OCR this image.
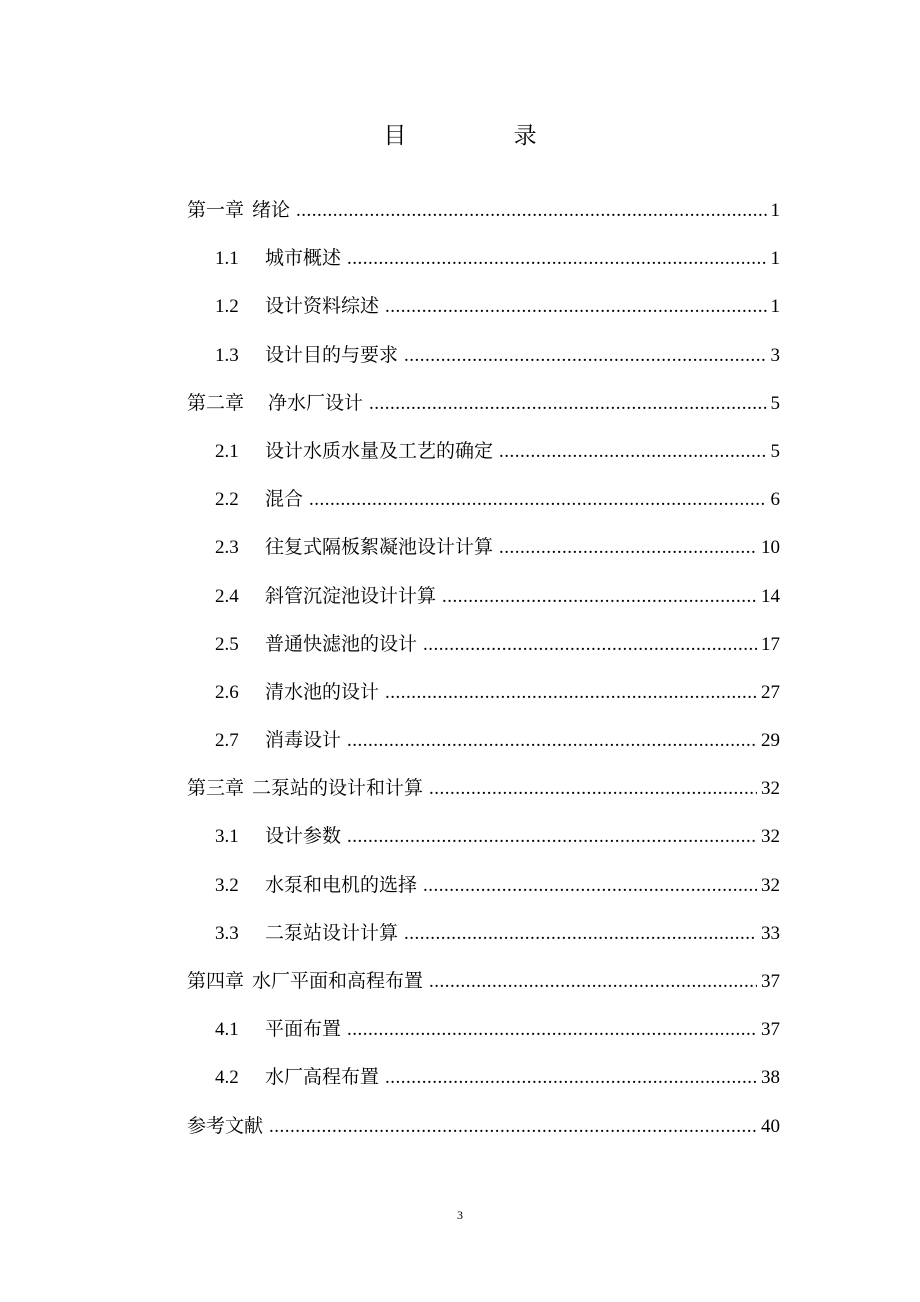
目 录
第一章 绪论 .....	1
1.1	城市概述 .....	1
1.2	设计资料综述 .....	1
1.3	设计目的与要求 .....	3
第二章 净水厂设计 .....	5
2.1	设计水质水量及工艺的确定 .....	5
2.2	混合 .....	6
2.3	往复式隔板絮凝池设计计算 .....	10
2.4	斜管沉淀池设计计算 .....	14
2.5	普通快滤池的设计 .....	17
2.6	清水池的设计 .....	27
2.7	消毒设计 .....	29
第三章 二泵站的设计和计算 .....	32
3.1	设计参数 .....	32
3.2	水泵和电机的选择 .....	32
3.3	二泵站设计计算 .....	33
第四章 水厂平面和高程布置 .....	37
4.1	平面布置 .....	37
4.2	水厂高程布置 .....	38
参考文献 .....	40
3
